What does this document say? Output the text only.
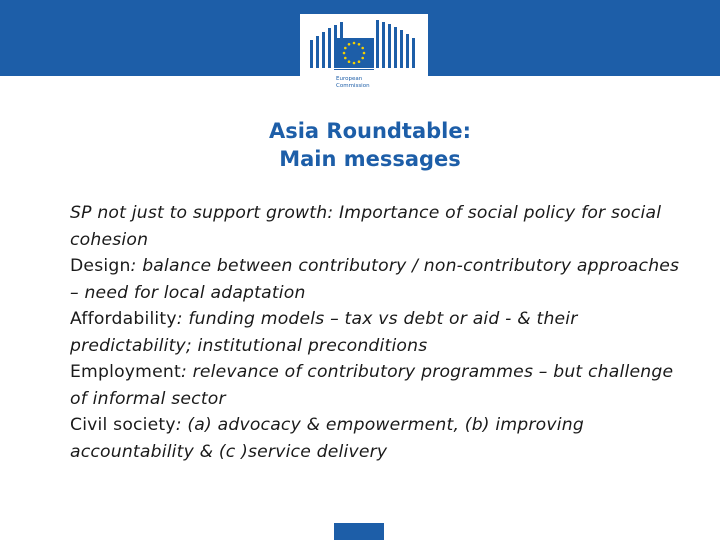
European
Commission
Asia Roundtable:
Main messages

SP not just to support growth: Importance of social policy for social cohesion

Design: balance between contributory / non-contributory approaches – need for local adaptation

Affordability: funding models – tax vs debt or aid - & their predictability; institutional preconditions

Employment: relevance of contributory programmes – but challenge of informal sector

Civil society: (a) advocacy & empowerment, (b) improving accountability & (c )service delivery
